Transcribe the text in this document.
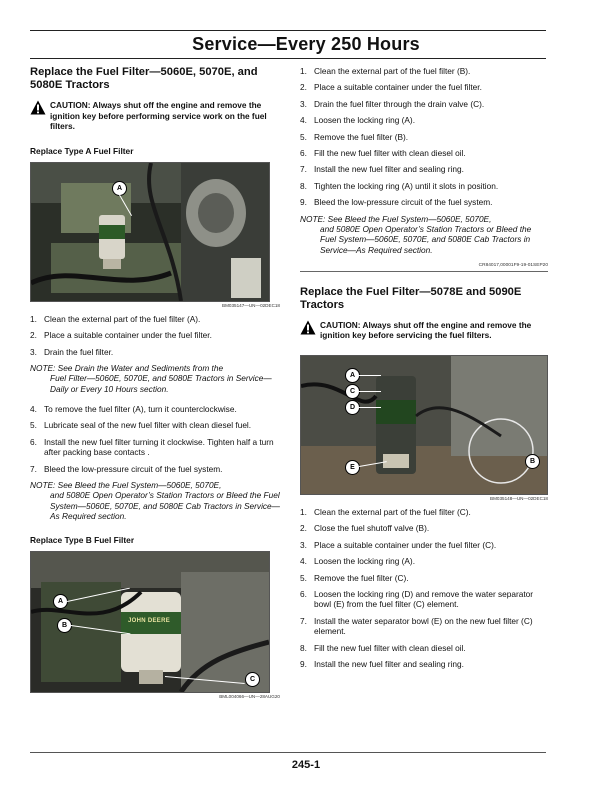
Service—Every 250 Hours
Replace the Fuel Filter—5060E, 5070E, and 5080E Tractors

CAUTION: Always shut off the engine and remove the ignition key before performing service work on the fuel filters.

Replace Type A Fuel Filter
A
BM035147—UN—02DEC18
1. Clean the external part of the fuel filter (A).
2. Place a suitable container under the fuel filter.
3. Drain the fuel filter.
NOTE: See Drain the Water and Sediments from the
Fuel Filter—5060E, 5070E, and 5080E Tractors in Service—Daily or Every 10 Hours section.
4. To remove the fuel filter (A), turn it counterclockwise.
5. Lubricate seal of the new fuel filter with clean diesel fuel.
6. Install the new fuel filter turning it clockwise. Tighten half a turn after packing base contacts .
7. Bleed the low-pressure circuit of the fuel system.
NOTE: See Bleed the Fuel System—5060E, 5070E,
and 5080E Open Operator’s Station Tractors or Bleed the Fuel System—5060E, 5070E, and 5080E Cab Tractors in Service—As Required section.
Replace Type B Fuel Filter
JOHN DEERE
A
B
C
BML004066—UN—28AUG20
1. Clean the external part of the fuel filter (B).
2. Place a suitable container under the fuel filter.
3. Drain the fuel filter through the drain valve (C).
4. Loosen the locking ring (A).
5. Remove the fuel filter (B).
6. Fill the new fuel filter with clean diesel oil.
7. Install the new fuel filter and sealing ring.
8. Tighten the locking ring (A) until it slots in position.
9. Bleed the low-pressure circuit of the fuel system.
NOTE: See Bleed the Fuel System—5060E, 5070E,
and 5080E Open Operator’s Station Tractors or Bleed the Fuel System—5060E, 5070E, and 5080E Cab Tractors in Service—As Required section.
CR84017,00001F9-19-01SEP20
Replace the Fuel Filter—5078E and 5090E Tractors

CAUTION: Always shut off the engine and remove the ignition key before servicing the fuel filters.

A
C
D
E
B
BM035148—UN—02DEC18
1. Clean the external part of the fuel filter (C).
2. Close the fuel shutoff valve (B).
3. Place a suitable container under the fuel filter (C).
4. Loosen the locking ring (A).
5. Remove the fuel filter (C).
6. Loosen the locking ring (D) and remove the water separator bowl (E) from the fuel filter (C) element.
7. Install the water separator bowl (E) on the new fuel filter (C) element.
8. Fill the new fuel filter with clean diesel oil.
9. Install the new fuel filter and sealing ring.
245-1
